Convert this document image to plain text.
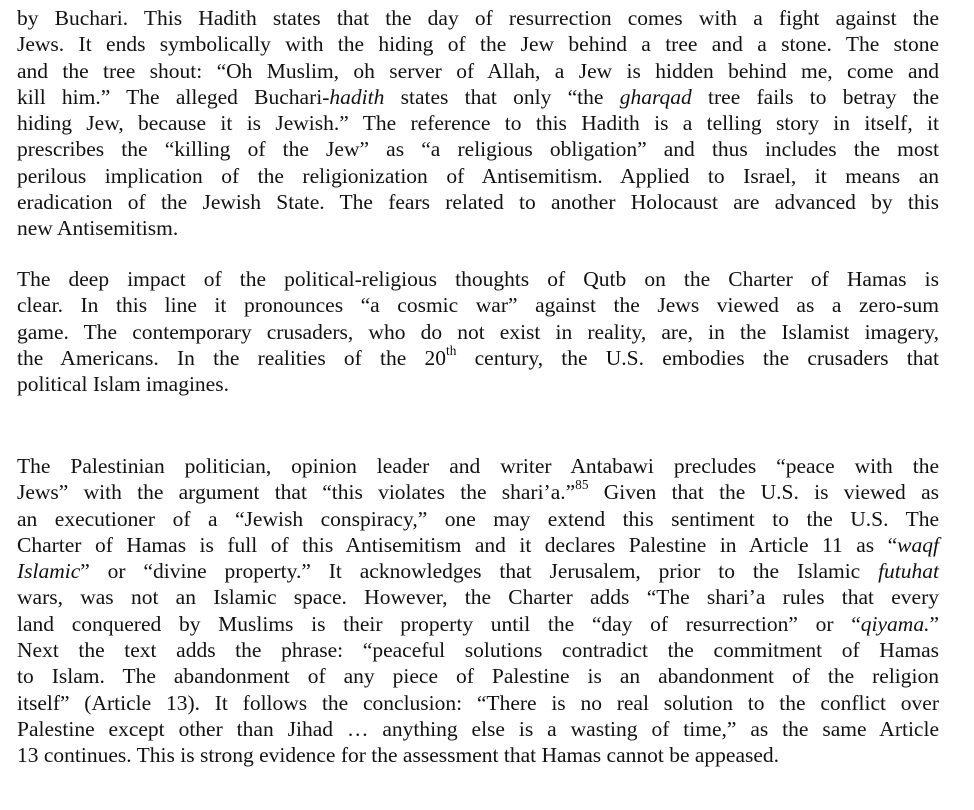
by Buchari. This Hadith states that the day of resurrection comes with a fight against the
Jews. It ends symbolically with the hiding of the Jew behind a tree and a stone. The stone
and the tree shout: “Oh Muslim, oh server of Allah, a Jew is hidden behind me, come and
kill him.” The alleged Buchari-hadith states that only “the gharqad tree fails to betray the
hiding Jew, because it is Jewish.” The reference to this Hadith is a telling story in itself, it
prescribes the “killing of the Jew” as “a religious obligation” and thus includes the most
perilous implication of the religionization of Antisemitism. Applied to Israel, it means an
eradication of the Jewish State. The fears related to another Holocaust are advanced by this
new Antisemitism.
The deep impact of the political-religious thoughts of Qutb on the Charter of Hamas is
clear. In this line it pronounces “a cosmic war” against the Jews viewed as a zero-sum
game. The contemporary crusaders, who do not exist in reality, are, in the Islamist imagery,
the Americans. In the realities of the 20th century, the U.S. embodies the crusaders that
political Islam imagines.
The Palestinian politician, opinion leader and writer Antabawi precludes “peace with the
Jews” with the argument that “this violates the shari’a.”$^{85}$ Given that the U.S. is viewed as
an executioner of a “Jewish conspiracy,” one may extend this sentiment to the U.S. The
Charter of Hamas is full of this Antisemitism and it declares Palestine in Article 11 as “waqf
Islamic” or “divine property.” It acknowledges that Jerusalem, prior to the Islamic futuhat
wars, was not an Islamic space. However, the Charter adds “The shari’a rules that every
land conquered by Muslims is their property until the “day of resurrection” or “qiyama.”
Next the text adds the phrase: “peaceful solutions contradict the commitment of Hamas
to Islam. The abandonment of any piece of Palestine is an abandonment of the religion
itself” (Article 13). It follows the conclusion: “There is no real solution to the conflict over
Palestine except other than Jihad … anything else is a wasting of time,” as the same Article
13 continues. This is strong evidence for the assessment that Hamas cannot be appeased.
